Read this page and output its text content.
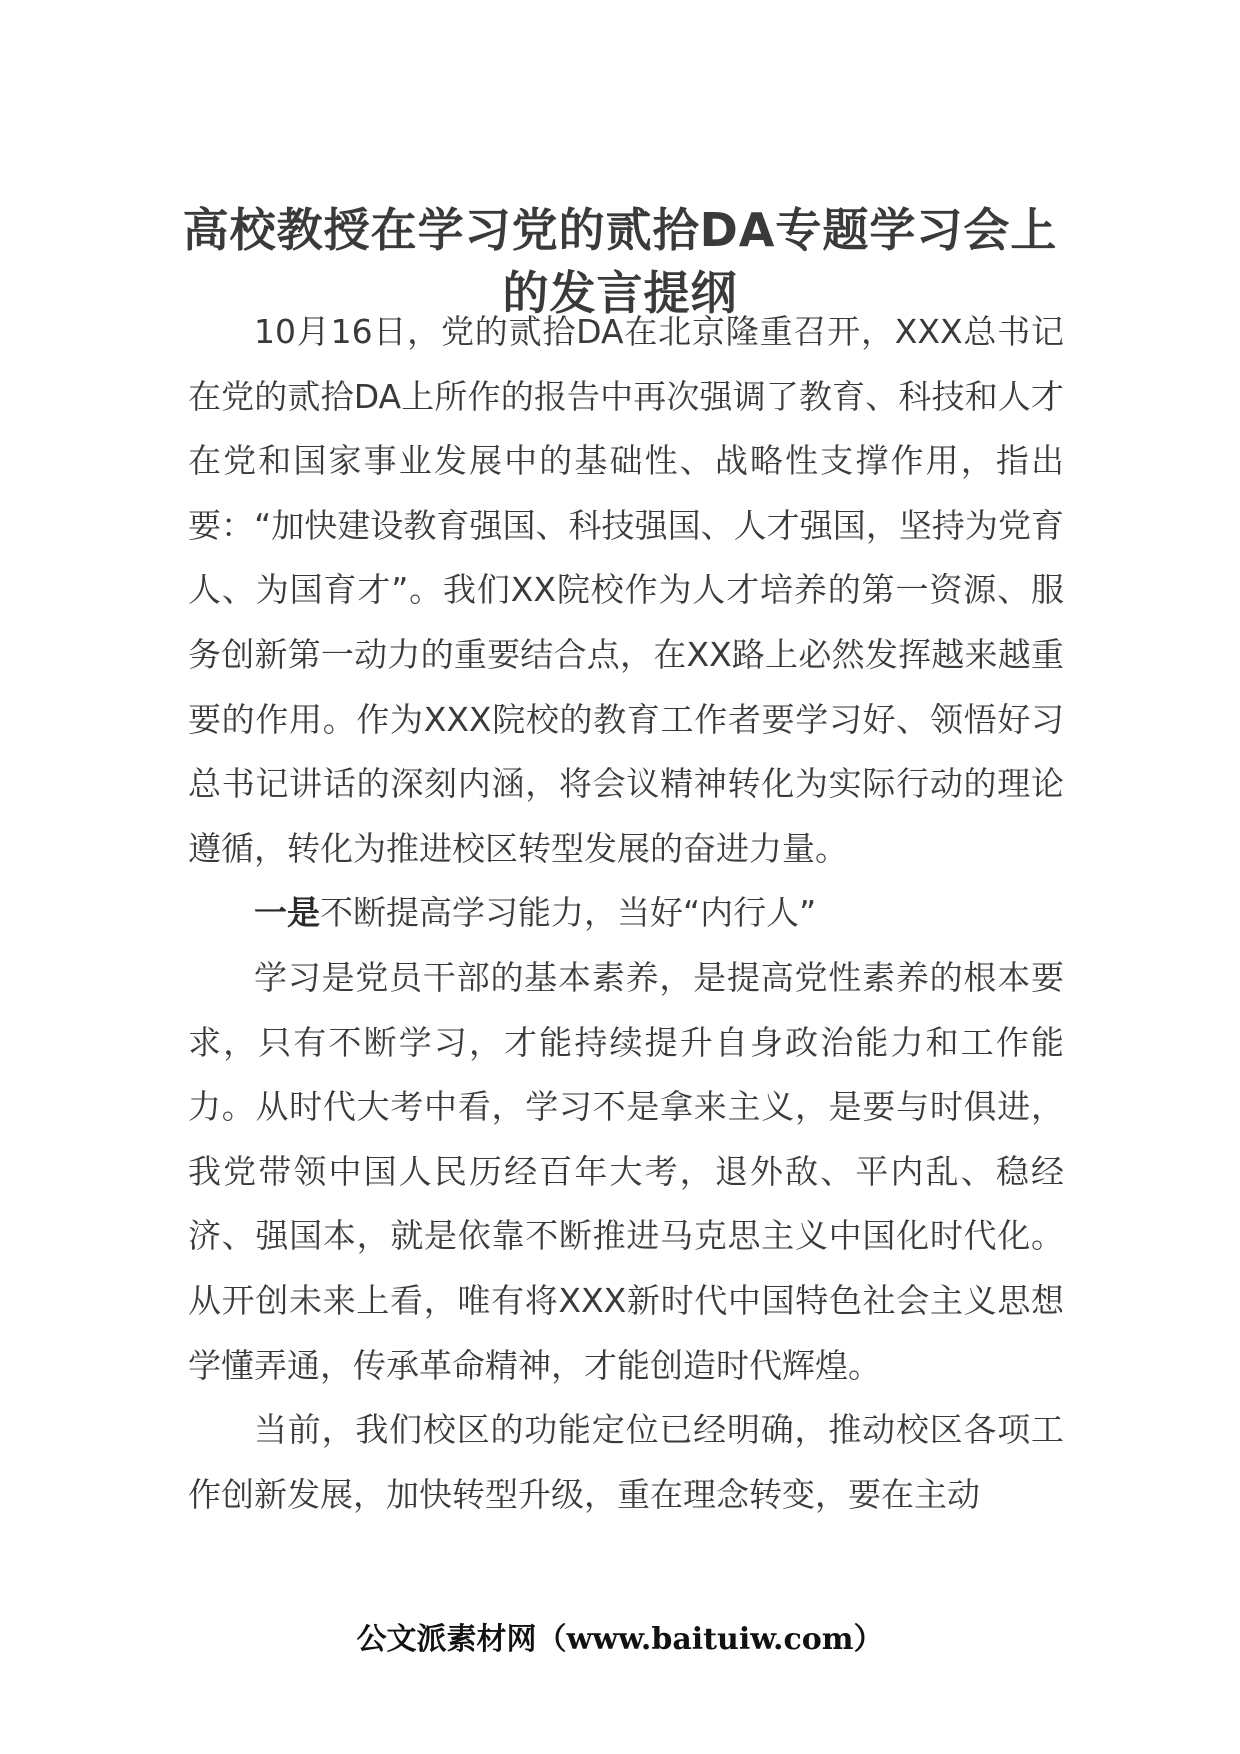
高校教授在学习党的贰拾DA专题学习会上的发言提纲

10月16日，党的贰拾DA在北京隆重召开，XXX总书记在党的贰拾DA上所作的报告中再次强调了教育、科技和人才在党和国家事业发展中的基础性、战略性支撑作用，指出要：“加快建设教育强国、科技强国、人才强国，坚持为党育人、为国育才”。我们XX院校作为人才培养的第一资源、服务创新第一动力的重要结合点，在XX路上必然发挥越来越重要的作用。作为XXX院校的教育工作者要学习好、领悟好习总书记讲话的深刻内涵，将会议精神转化为实际行动的理论遵循，转化为推进校区转型发展的奋进力量。

一是不断提高学习能力，当好“内行人”

学习是党员干部的基本素养，是提高党性素养的根本要求，只有不断学习，才能持续提升自身政治能力和工作能力。从时代大考中看，学习不是拿来主义，是要与时俱进，我党带领中国人民历经百年大考，退外敌、平内乱、稳经济、强国本，就是依靠不断推进马克思主义中国化时代化。从开创未来上看，唯有将XXX新时代中国特色社会主义思想学懂弄通，传承革命精神，才能创造时代辉煌。

当前，我们校区的功能定位已经明确，推动校区各项工作创新发展，加快转型升级，重在理念转变，要在主动

公文派素材网（www.baituiw.com）
